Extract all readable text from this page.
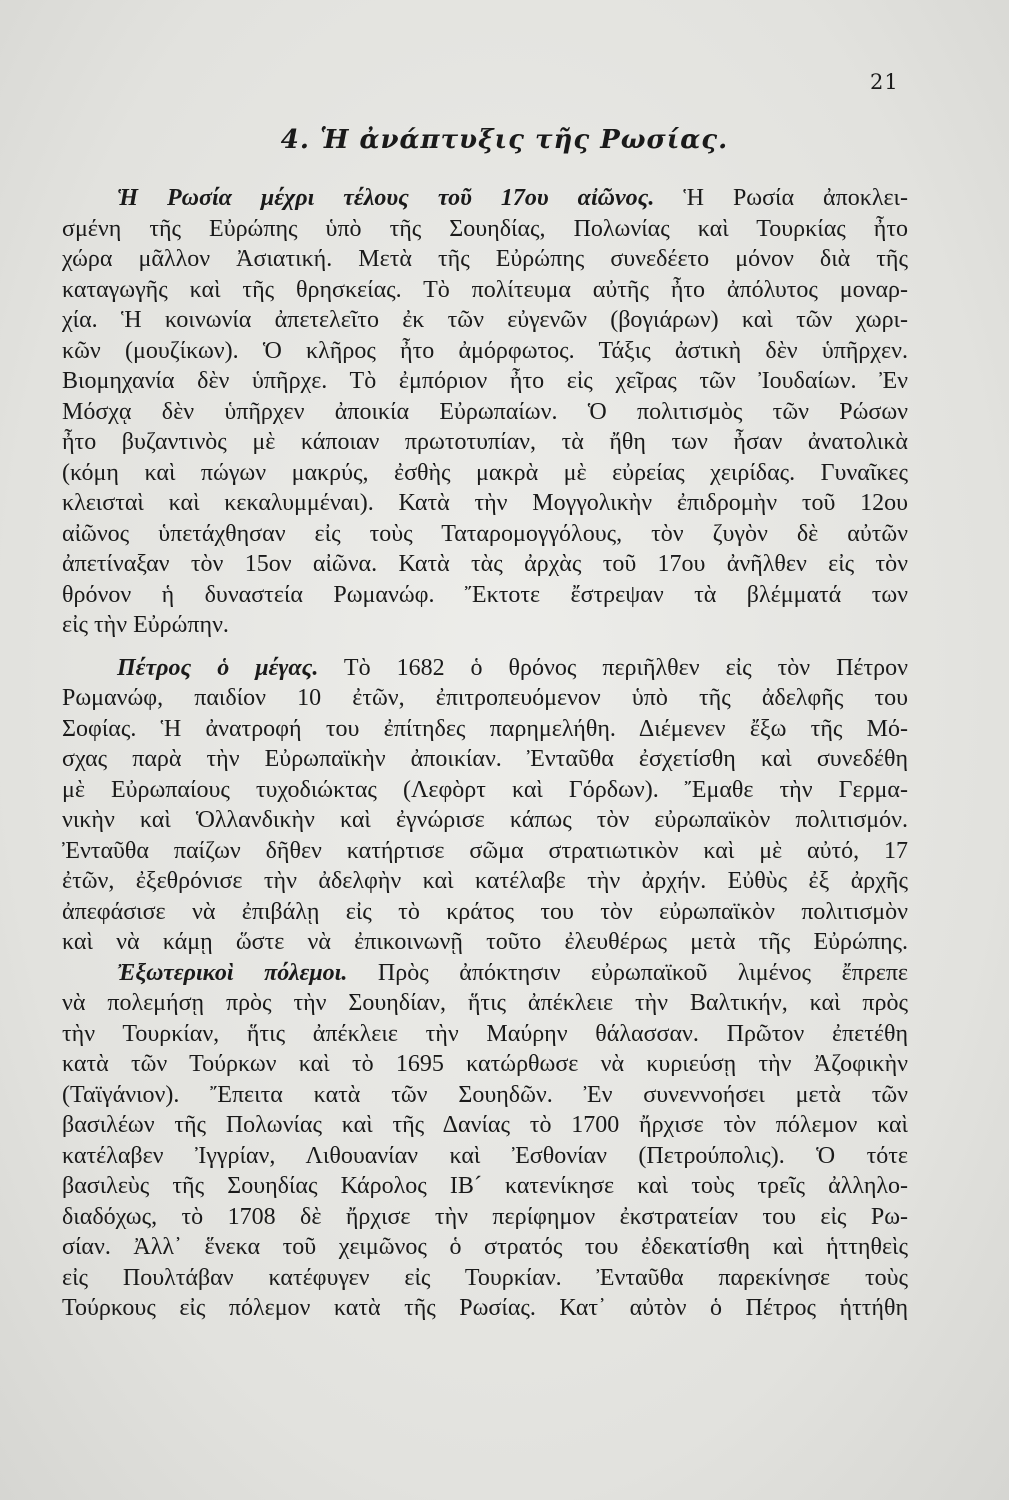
21
4. Ἡ ἀνάπτυξις τῆς Ρωσίας.
Ἡ Ρωσία μέχρι τέλους τοῦ 17ου αἰῶνος. Ἡ Ρωσία ἀποκλει-
σμένη τῆς Εὐρώπης ὑπὸ τῆς Σουηδίας, Πολωνίας καὶ Τουρκίας ἦτο
χώρα μᾶλλον Ἀσιατική. Μετὰ τῆς Εὐρώπης συνεδέετο μόνον διὰ τῆς
καταγωγῆς καὶ τῆς θρησκείας. Τὸ πολίτευμα αὐτῆς ἦτο ἀπόλυτος μοναρ-
χία. Ἡ κοινωνία ἀπετελεῖτο ἐκ τῶν εὐγενῶν (βογιάρων) καὶ τῶν χωρι-
κῶν (μουζίκων). Ὁ κλῆρος ἦτο ἀμόρφωτος. Τάξις ἀστικὴ δὲν ὑπῆρχεν.
Βιομηχανία δὲν ὑπῆρχε. Τὸ ἐμπόριον ἦτο εἰς χεῖρας τῶν Ἰουδαίων. Ἐν
Μόσχᾳ δὲν ὑπῆρχεν ἀποικία Εὐρωπαίων. Ὁ πολιτισμὸς τῶν Ρώσων
ἦτο βυζαντινὸς μὲ κάποιαν πρωτοτυπίαν, τὰ ἤθη των ἦσαν ἀνατολικὰ
(κόμη καὶ πώγων μακρύς, ἐσθὴς μακρὰ μὲ εὐρείας χειρίδας. Γυναῖκες
κλεισταὶ καὶ κεκαλυμμέναι). Κατὰ τὴν Μογγολικὴν ἐπιδρομὴν τοῦ 12ου
αἰῶνος ὑπετάχθησαν εἰς τοὺς Ταταρομογγόλους, τὸν ζυγὸν δὲ αὐτῶν
ἀπετίναξαν τὸν 15ον αἰῶνα. Κατὰ τὰς ἀρχὰς τοῦ 17ου ἀνῆλθεν εἰς τὸν
θρόνον ἡ δυναστεία Ρωμανώφ. Ἔκτοτε ἔστρεψαν τὰ βλέμματά των
εἰς τὴν Εὐρώπην.
Πέτρος ὁ μέγας. Τὸ 1682 ὁ θρόνος περιῆλθεν εἰς τὸν Πέτρον
Ρωμανώφ, παιδίον 10 ἐτῶν, ἐπιτροπευόμενον ὑπὸ τῆς ἀδελφῆς του
Σοφίας. Ἡ ἀνατροφή του ἐπίτηδες παρημελήθη. Διέμενεν ἔξω τῆς Μό-
σχας παρὰ τὴν Εὐρωπαϊκὴν ἀποικίαν. Ἐνταῦθα ἐσχετίσθη καὶ συνεδέθη
μὲ Εὐρωπαίους τυχοδιώκτας (Λεφὸρτ καὶ Γόρδων). Ἔμαθε τὴν Γερμα-
νικὴν καὶ Ὁλλανδικὴν καὶ ἐγνώρισε κάπως τὸν εὐρωπαϊκὸν πολιτισμόν.
Ἐνταῦθα παίζων δῆθεν κατήρτισε σῶμα στρατιωτικὸν καὶ μὲ αὐτό, 17
ἐτῶν, ἐξεθρόνισε τὴν ἀδελφὴν καὶ κατέλαβε τὴν ἀρχήν. Εὐθὺς ἐξ ἀρχῆς
ἀπεφάσισε νὰ ἐπιβάλῃ εἰς τὸ κράτος του τὸν εὐρωπαϊκὸν πολιτισμὸν
καὶ νὰ κάμῃ ὥστε νὰ ἐπικοινωνῇ τοῦτο ἐλευθέρως μετὰ τῆς Εὐρώπης.
Ἐξωτερικοὶ πόλεμοι. Πρὸς ἀπόκτησιν εὐρωπαϊκοῦ λιμένος ἔπρεπε
νὰ πολεμήσῃ πρὸς τὴν Σουηδίαν, ἥτις ἀπέκλειε τὴν Βαλτικήν, καὶ πρὸς
τὴν Τουρκίαν, ἥτις ἀπέκλειε τὴν Μαύρην θάλασσαν. Πρῶτον ἐπετέθη
κατὰ τῶν Τούρκων καὶ τὸ 1695 κατώρθωσε νὰ κυριεύσῃ τὴν Ἀζοφικὴν
(Ταϊγάνιον). Ἔπειτα κατὰ τῶν Σουηδῶν. Ἐν συνεννοήσει μετὰ τῶν
βασιλέων τῆς Πολωνίας καὶ τῆς Δανίας τὸ 1700 ἤρχισε τὸν πόλεμον καὶ
κατέλαβεν Ἰγγρίαν, Λιθουανίαν καὶ Ἐσθονίαν (Πετρούπολις). Ὁ τότε
βασιλεὺς τῆς Σουηδίας Κάρολος ΙΒ´ κατενίκησε καὶ τοὺς τρεῖς ἀλληλο-
διαδόχως, τὸ 1708 δὲ ἤρχισε τὴν περίφημον ἐκστρατείαν του εἰς Ρω-
σίαν. Ἀλλ᾽ ἕνεκα τοῦ χειμῶνος ὁ στρατός του ἐδεκατίσθη καὶ ἡττηθεὶς
εἰς Πουλτάβαν κατέφυγεν εἰς Τουρκίαν. Ἐνταῦθα παρεκίνησε τοὺς
Τούρκους εἰς πόλεμον κατὰ τῆς Ρωσίας. Κατ᾽ αὐτὸν ὁ Πέτρος ἡττήθη
